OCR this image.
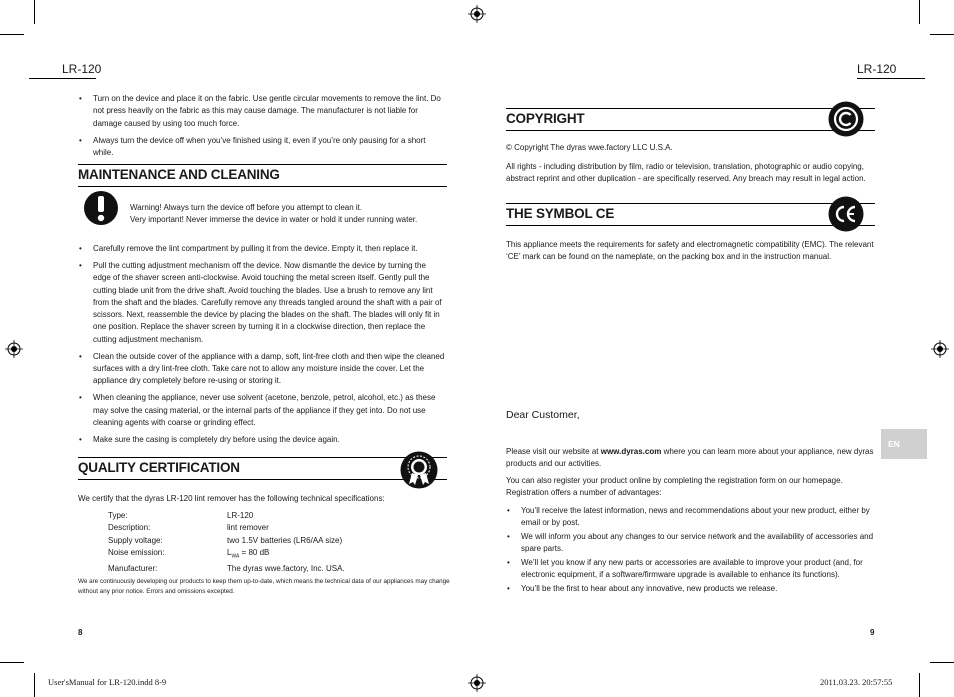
LR-120
• Turn on the device and place it on the fabric. Use gentle circular movements to remove the lint. Do not press heavily on the fabric as this may cause damage. The manufacturer is not liable for damage caused by using too much force.
• Always turn the device off when you’ve finished using it, even if you’re only pausing for a short while.
MAINTENANCE AND CLEANING
Warning! Always turn the device off before you attempt to clean it.
Very important! Never immerse the device in water or hold it under running water.
• Carefully remove the lint compartment by pulling it from the device. Empty it, then replace it.
• Pull the cutting adjustment mechanism off the device. Now dismantle the device by turning the edge of the shaver screen anti-clockwise. Avoid touching the metal screen itself. Gently pull the cutting blade unit from the drive shaft. Avoid touching the blades. Use a brush to remove any lint from the shaft and the blades. Carefully remove any threads tangled around the shaft with a pair of scissors. Next, reassemble the device by placing the blades on the shaft. The blades will only fit in one position. Replace the shaver screen by turning it in a clockwise direction, then replace the cutting adjustment mechanism.
• Clean the outside cover of the appliance with a damp, soft, lint-free cloth and then wipe the cleaned surfaces with a dry lint-free cloth. Take care not to allow any moisture inside the cover. Let the appliance dry completely before re-using or storing it.
• When cleaning the appliance, never use solvent (acetone, benzole, petrol, alcohol, etc.) as these may solve the casing material, or the internal parts of the appliance if they get into. Do not use cleaning agents with coarse or grinding effect.
• Make sure the casing is completely dry before using the device again.
QUALITY CERTIFICATION
We certify that the dyras LR-120 lint remover has the following technical specifications:
Type:	LR-120
Description:	lint remover
Supply voltage:	two 1.5V batteries (LR6/AA size)
Noise emission:	$L_{WA} = 80$ dB
Manufacturer:	The dyras wwe.factory, Inc. USA.
We are continuously developing our products to keep them up-to-date, which means the technical data of our appliances may change without any prior notice. Errors and omissions excepted.
8
LR-120
COPYRIGHT
© Copyright The dyras wwe.factory LLC U.S.A.
All rights - including distribution by film, radio or television, translation, photographic or audio copying, abstract reprint and other duplication - are specifically reserved. Any breach may result in legal action.
THE SYMBOL CE
This appliance meets the requirements for safety and electromagnetic compatibility (EMC). The relevant ‘CE’ mark can be found on the nameplate, on the packing box and in the instruction manual.
Dear Customer,
Please visit our website at www.dyras.com where you can learn more about your appliance, new dyras products and our activities.
You can also register your product online by completing the registration form on our homepage. Registration offers a number of advantages:
• You’ll receive the latest information, news and recommendations about your new product, either by email or by post.
• We will inform you about any changes to our service network and the availability of accessories and spare parts.
• We’ll let you know if any new parts or accessories are available to improve your product (and, for electronic equipment, if a software/firmware upgrade is available to enhance its functions).
• You’ll be the first to hear about any innovative, new products we release.
EN
9
User'sManual for LR-120.indd 8-9	2011.03.23. 20:57:55
